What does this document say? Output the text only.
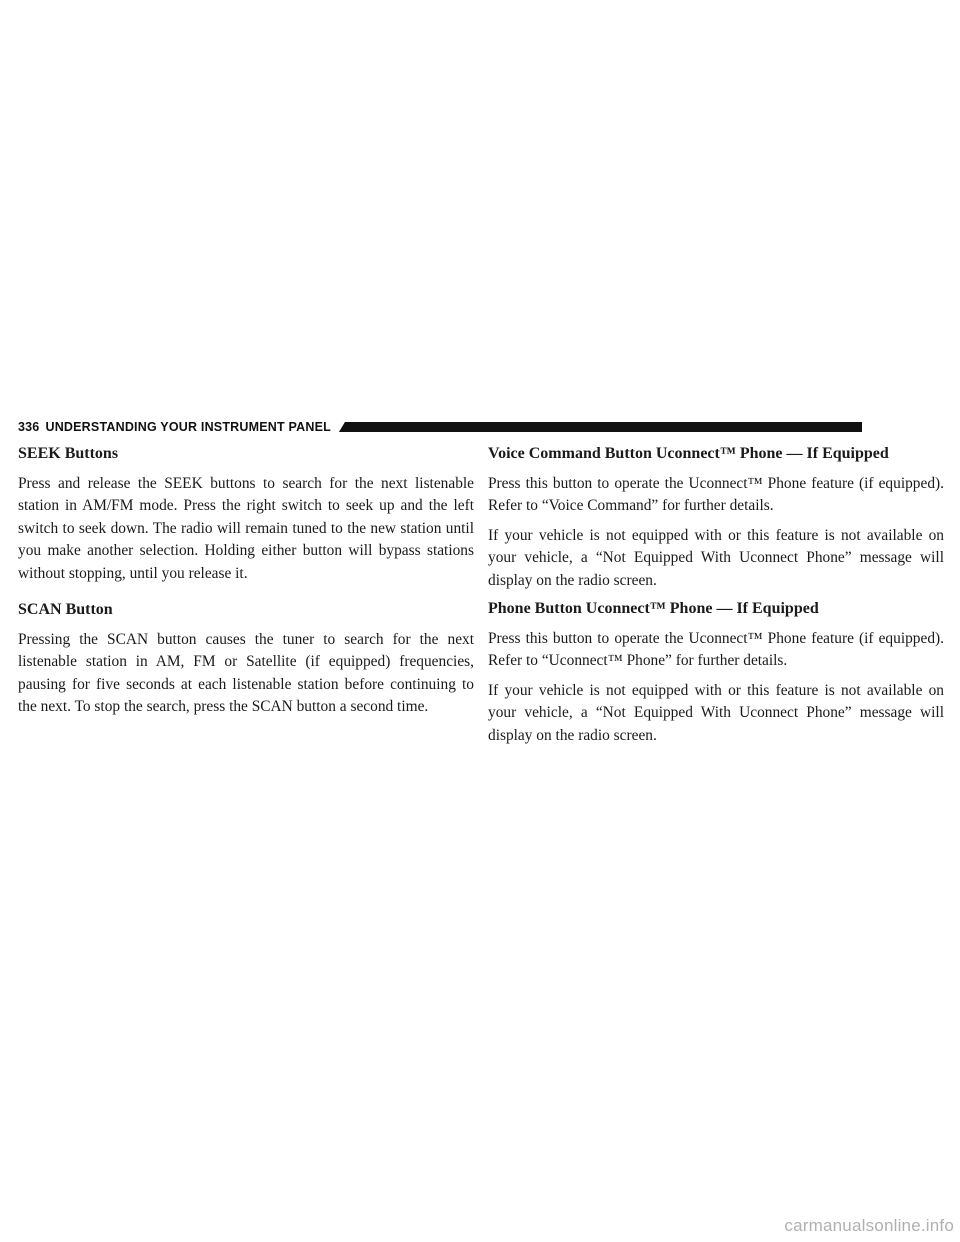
336 UNDERSTANDING YOUR INSTRUMENT PANEL
SEEK Buttons

Press and release the SEEK buttons to search for the next listenable station in AM/FM mode. Press the right switch to seek up and the left switch to seek down. The radio will remain tuned to the new station until you make another selection. Holding either button will bypass stations without stopping, until you release it.

SCAN Button

Pressing the SCAN button causes the tuner to search for the next listenable station in AM, FM or Satellite (if equipped) frequencies, pausing for five seconds at each listenable station before continuing to the next. To stop the search, press the SCAN button a second time.

Voice Command Button Uconnect™ Phone — If Equipped

Press this button to operate the Uconnect™ Phone feature (if equipped). Refer to “Voice Command” for further details.

If your vehicle is not equipped with or this feature is not available on your vehicle, a “Not Equipped With Uconnect Phone” message will display on the radio screen.

Phone Button Uconnect™ Phone — If Equipped

Press this button to operate the Uconnect™ Phone feature (if equipped). Refer to “Uconnect™ Phone” for further details.

If your vehicle is not equipped with or this feature is not available on your vehicle, a “Not Equipped With Uconnect Phone” message will display on the radio screen.

carmanualsonline.info
